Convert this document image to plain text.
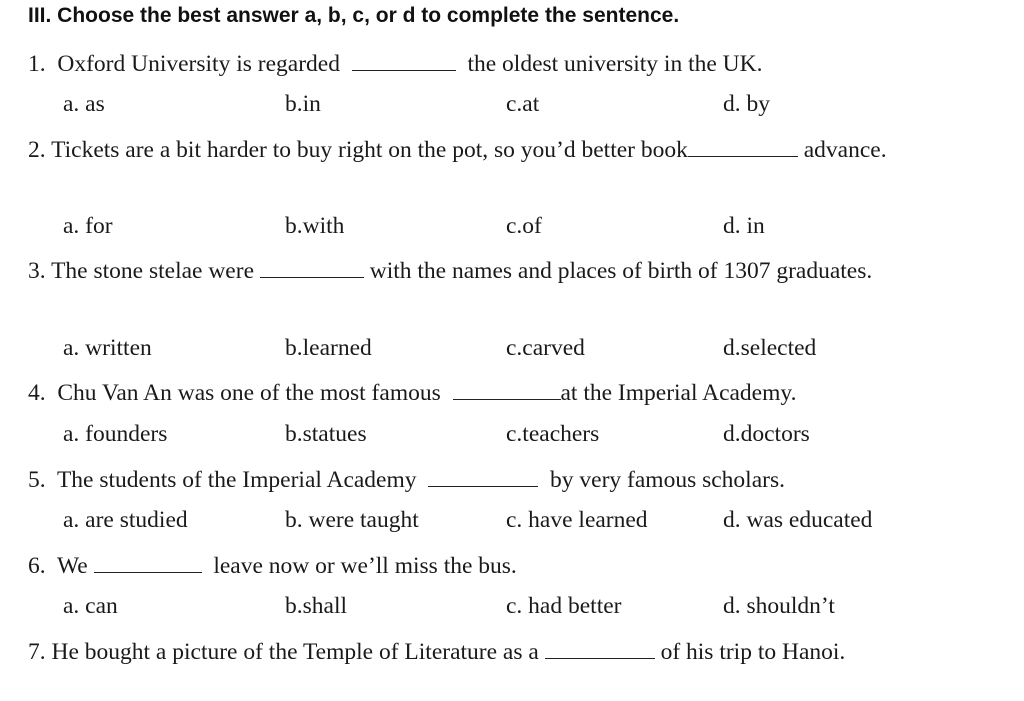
III. Choose the best answer a, b, c, or d to complete the sentence.
1. Oxford University is regarded	the oldest university in the UK.
a. as	b.in	c.at	d. by
2. Tickets are a bit harder to buy right on the pot, so you’d better book	advance.
a. for	b.with	c.of	d. in
3. The stone stelae were	with the names and places of birth of 1307 graduates.
a. written	b.learned	c.carved	d.selected
4. Chu Van An was one of the most famous	at the Imperial Academy.
a. founders	b.statues	c.teachers	d.doctors
5. The students of the Imperial Academy	by very famous scholars.
a. are studied	b. were taught	c. have learned	d. was educated
6. We	leave now or we’ll miss the bus.
a. can	b.shall	c. had better	d. shouldn’t
7. He bought a picture of the Temple of Literature as a	of his trip to Hanoi.
